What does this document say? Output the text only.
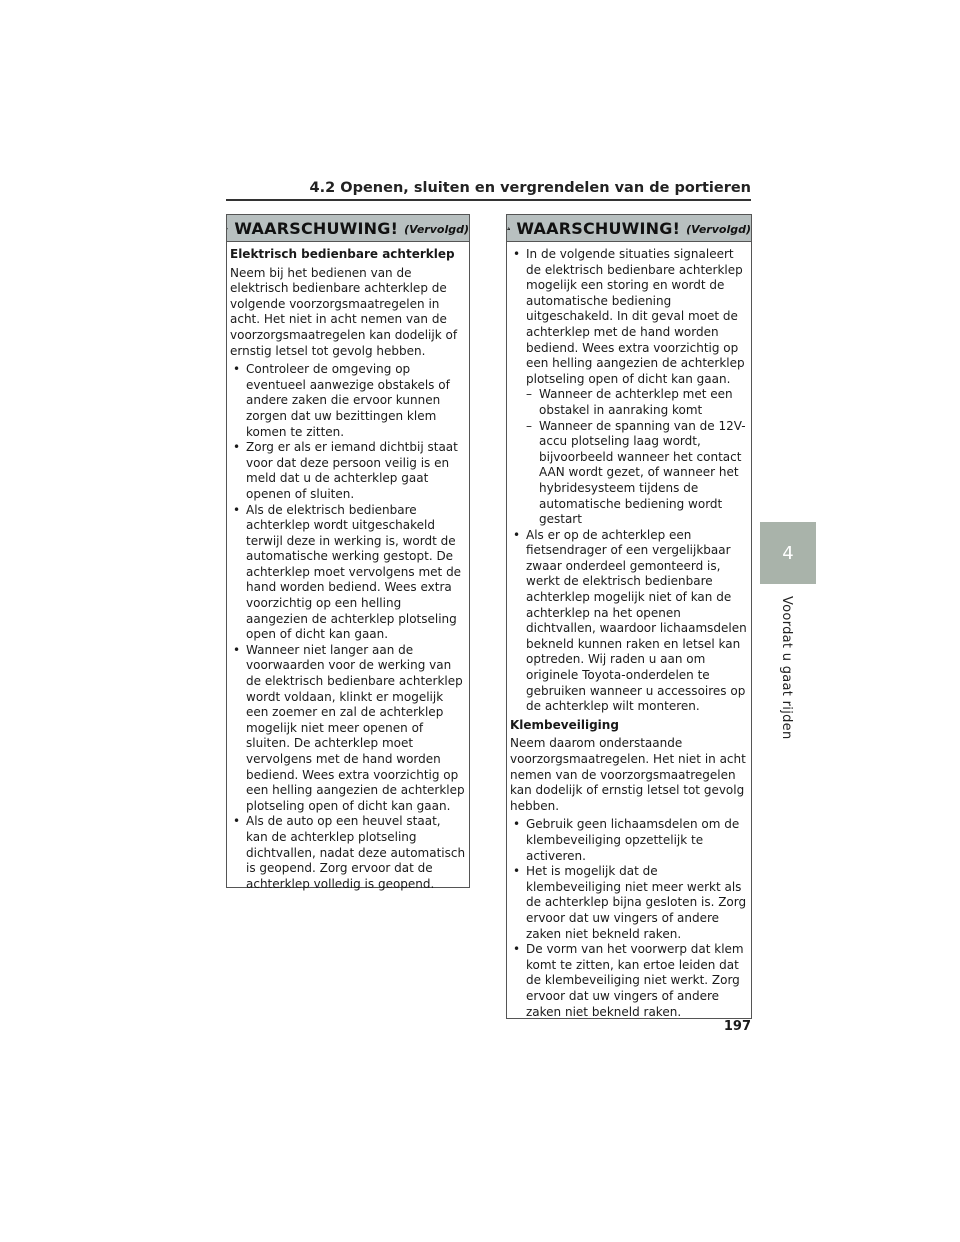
4.2 Openen, sluiten en vergrendelen van de portieren
WAARSCHUWING! (Vervolgd)
Elektrisch bedienbare achterklep

Neem bij het bedienen van de elektrisch bedienbare achterklep de volgende voorzorgsmaatregelen in acht. Het niet in acht nemen van de voorzorgsmaatregelen kan dodelijk of ernstig letsel tot gevolg hebben.

• Controleer de omgeving op eventueel aanwezige obstakels of andere zaken die ervoor kunnen zorgen dat uw bezittingen klem komen te zitten.
• Zorg er als er iemand dichtbij staat voor dat deze persoon veilig is en meld dat u de achterklep gaat openen of sluiten.
• Als de elektrisch bedienbare achterklep wordt uitgeschakeld terwijl deze in werking is, wordt de automatische werking gestopt. De achterklep moet vervolgens met de hand worden bediend. Wees extra voorzichtig op een helling aangezien de achterklep plotseling open of dicht kan gaan.
• Wanneer niet langer aan de voorwaarden voor de werking van de elektrisch bedienbare achterklep wordt voldaan, klinkt er mogelijk een zoemer en zal de achterklep mogelijk niet meer openen of sluiten. De achterklep moet vervolgens met de hand worden bediend. Wees extra voorzichtig op een helling aangezien de achterklep plotseling open of dicht kan gaan.
• Als de auto op een heuvel staat, kan de achterklep plotseling dichtvallen, nadat deze automatisch is geopend. Zorg ervoor dat de achterklep volledig is geopend.
WAARSCHUWING! (Vervolgd)
• In de volgende situaties signaleert de elektrisch bedienbare achterklep mogelijk een storing en wordt de automatische bediening uitgeschakeld. In dit geval moet de achterklep met de hand worden bediend. Wees extra voorzichtig op een helling aangezien de achterklep plotseling open of dicht kan gaan.
– Wanneer de achterklep met een obstakel in aanraking komt
– Wanneer de spanning van de 12V-accu plotseling laag wordt, bijvoorbeeld wanneer het contact AAN wordt gezet, of wanneer het hybridesysteem tijdens de automatische bediening wordt gestart
• Als er op de achterklep een fietsendrager of een vergelijkbaar zwaar onderdeel gemonteerd is, werkt de elektrisch bedienbare achterklep mogelijk niet of kan de achterklep na het openen dichtvallen, waardoor lichaamsdelen bekneld kunnen raken en letsel kan optreden. Wij raden u aan om originele Toyota-onderdelen te gebruiken wanneer u accessoires op de achterklep wilt monteren.
Klembeveiliging

Neem daarom onderstaande voorzorgsmaatregelen. Het niet in acht nemen van de voorzorgsmaatregelen kan dodelijk of ernstig letsel tot gevolg hebben.

• Gebruik geen lichaamsdelen om de klembeveiliging opzettelijk te activeren.
• Het is mogelijk dat de klembeveiliging niet meer werkt als de achterklep bijna gesloten is. Zorg ervoor dat uw vingers of andere zaken niet bekneld raken.
• De vorm van het voorwerp dat klem komt te zitten, kan ertoe leiden dat de klembeveiliging niet werkt. Zorg ervoor dat uw vingers of andere zaken niet bekneld raken.
197
4
Voordat u gaat rijden
